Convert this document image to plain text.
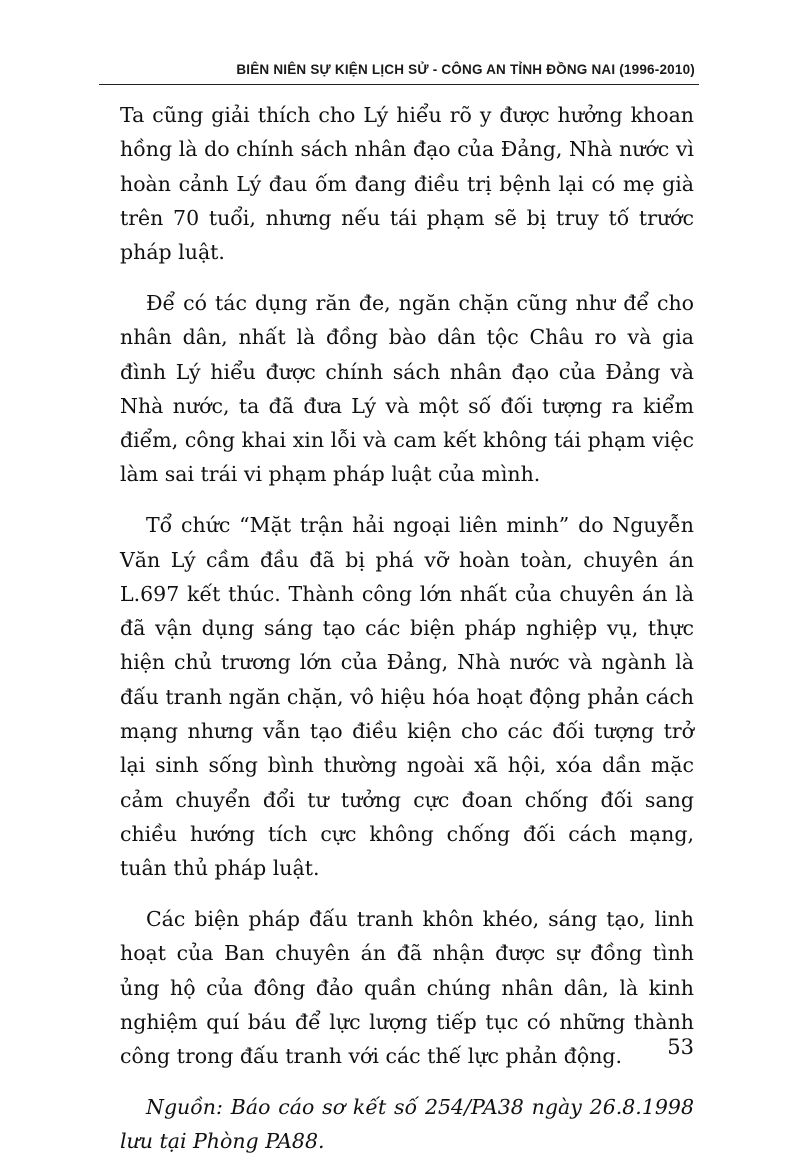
BIÊN NIÊN SỰ KIỆN LỊCH SỬ - CÔNG AN TỈNH ĐỒNG NAI (1996-2010)

Ta cũng giải thích cho Lý hiểu rõ y được hưởng khoan hồng là do chính sách nhân đạo của Đảng, Nhà nước vì hoàn cảnh Lý đau ốm đang điều trị bệnh lại có mẹ già trên 70 tuổi, nhưng nếu tái phạm sẽ bị truy tố trước pháp luật.

Để có tác dụng răn đe, ngăn chặn cũng như để cho nhân dân, nhất là đồng bào dân tộc Châu ro và gia đình Lý hiểu được chính sách nhân đạo của Đảng và Nhà nước, ta đã đưa Lý và một số đối tượng ra kiểm điểm, công khai xin lỗi và cam kết không tái phạm việc làm sai trái vi phạm pháp luật của mình.

Tổ chức “Mặt trận hải ngoại liên minh” do Nguyễn Văn Lý cầm đầu đã bị phá vỡ hoàn toàn, chuyên án L.697 kết thúc. Thành công lớn nhất của chuyên án là đã vận dụng sáng tạo các biện pháp nghiệp vụ, thực hiện chủ trương lớn của Đảng, Nhà nước và ngành là đấu tranh ngăn chặn, vô hiệu hóa hoạt động phản cách mạng nhưng vẫn tạo điều kiện cho các đối tượng trở lại sinh sống bình thường ngoài xã hội, xóa dần mặc cảm chuyển đổi tư tưởng cực đoan chống đối sang chiều hướng tích cực không chống đối cách mạng, tuân thủ pháp luật.

Các biện pháp đấu tranh khôn khéo, sáng tạo, linh hoạt của Ban chuyên án đã nhận được sự đồng tình ủng hộ của đông đảo quần chúng nhân dân, là kinh nghiệm quí báu để lực lượng tiếp tục có những thành công trong đấu tranh với các thế lực phản động.

Nguồn: Báo cáo sơ kết số 254/PA38 ngày 26.8.1998 lưu tại Phòng PA88.

53
